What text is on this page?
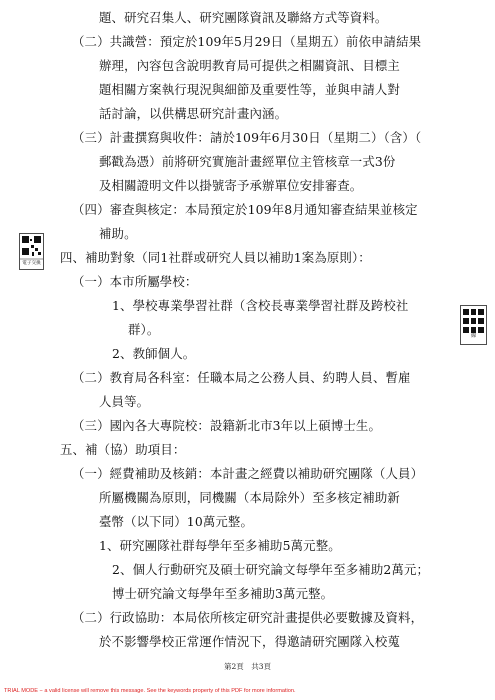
題、研究召集人、研究團隊資訊及聯絡方式等資料。
（二）共識營：預定於109年5月29日（星期五）前依申請結果
辦理，內容包含說明教育局可提供之相關資訊、目標主
題相關方案執行現況與細節及重要性等，並與申請人對
話討論，以供構思研究計畫內涵。
（三）計畫撰寫與收件：請於109年6月30日（星期二）（含）（
郵戳為憑）前將研究實施計畫經單位主管核章一式3份
及相關證明文件以掛號寄予承辦單位安排審查。
（四）審查與核定：本局預定於109年8月通知審查結果並核定
補助。
四、補助對象（同1社群或研究人員以補助1案為原則）：
（一）本市所屬學校：
1、學校專業學習社群（含校長專業學習社群及跨校社
群）。
2、教師個人。
（二）教育局各科室：任職本局之公務人員、約聘人員、暫雇
人員等。
（三）國內各大專院校：設籍新北市3年以上碩博士生。
五、補（協）助項目：
（一）經費補助及核銷：本計畫之經費以補助研究團隊（人員）
所屬機關為原則，同機關（本局除外）至多核定補助新
臺幣（以下同）10萬元整。
1、研究團隊社群每學年至多補助5萬元整。
2、個人行動研究及碩士研究論文每學年至多補助2萬元；
博士研究論文每學年至多補助3萬元整。
（二）行政協助：本局依所核定研究計畫提供必要數據及資料，
於不影響學校正常運作情況下，得邀請研究團隊入校蒐
電子交換
線
第2頁　共3頁
TRIAL MODE − a valid license will remove this message. See the keywords property of this PDF for more information.
